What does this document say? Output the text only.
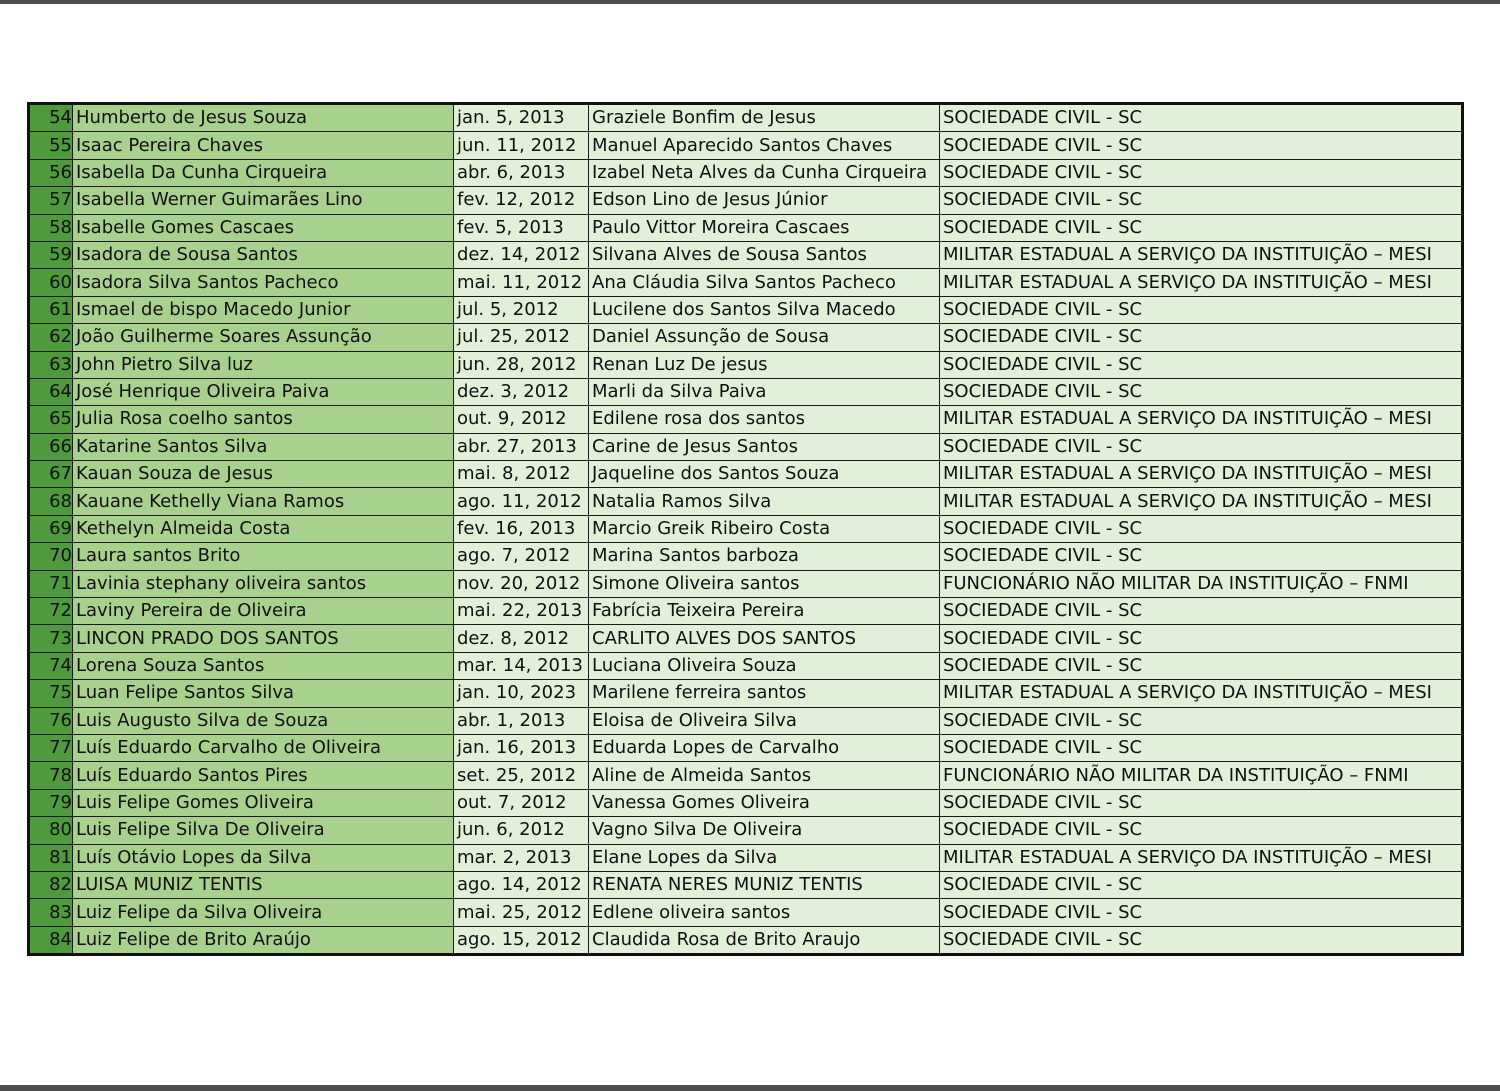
54	Humberto de Jesus Souza	jan. 5, 2013	Graziele Bonfim de Jesus	SOCIEDADE CIVIL - SC
55	Isaac Pereira Chaves	jun. 11, 2012	Manuel Aparecido Santos Chaves	SOCIEDADE CIVIL - SC
56	Isabella Da Cunha Cirqueira	abr. 6, 2013	Izabel Neta Alves da Cunha Cirqueira	SOCIEDADE CIVIL - SC
57	Isabella Werner Guimarães Lino	fev. 12, 2012	Edson Lino de Jesus Júnior	SOCIEDADE CIVIL - SC
58	Isabelle Gomes Cascaes	fev. 5, 2013	Paulo Vittor Moreira Cascaes	SOCIEDADE CIVIL - SC
59	Isadora de Sousa Santos	dez. 14, 2012	Silvana Alves de Sousa Santos	MILITAR ESTADUAL A SERVIÇO DA INSTITUIÇÃO – MESI
60	Isadora Silva Santos Pacheco	mai. 11, 2012	Ana Cláudia Silva Santos Pacheco	MILITAR ESTADUAL A SERVIÇO DA INSTITUIÇÃO – MESI
61	Ismael de bispo Macedo Junior	jul. 5, 2012	Lucilene dos Santos Silva Macedo	SOCIEDADE CIVIL - SC
62	João Guilherme Soares Assunção	jul. 25, 2012	Daniel Assunção de Sousa	SOCIEDADE CIVIL - SC
63	John Pietro Silva luz	jun. 28, 2012	Renan Luz De jesus	SOCIEDADE CIVIL - SC
64	José Henrique Oliveira Paiva	dez. 3, 2012	Marli da Silva Paiva	SOCIEDADE CIVIL - SC
65	Julia Rosa coelho santos	out. 9, 2012	Edilene rosa dos santos	MILITAR ESTADUAL A SERVIÇO DA INSTITUIÇÃO – MESI
66	Katarine Santos Silva	abr. 27, 2013	Carine de Jesus Santos	SOCIEDADE CIVIL - SC
67	Kauan Souza de Jesus	mai. 8, 2012	Jaqueline dos Santos Souza	MILITAR ESTADUAL A SERVIÇO DA INSTITUIÇÃO – MESI
68	Kauane Kethelly Viana Ramos	ago. 11, 2012	Natalia Ramos Silva	MILITAR ESTADUAL A SERVIÇO DA INSTITUIÇÃO – MESI
69	Kethelyn Almeida Costa	fev. 16, 2013	Marcio Greik Ribeiro Costa	SOCIEDADE CIVIL - SC
70	Laura santos Brito	ago. 7, 2012	Marina Santos barboza	SOCIEDADE CIVIL - SC
71	Lavinia stephany oliveira santos	nov. 20, 2012	Simone Oliveira santos	FUNCIONÁRIO NÃO MILITAR DA INSTITUIÇÃO – FNMI
72	Laviny Pereira de Oliveira	mai. 22, 2013	Fabrícia Teixeira Pereira	SOCIEDADE CIVIL - SC
73	LINCON PRADO DOS SANTOS	dez. 8, 2012	CARLITO ALVES DOS SANTOS	SOCIEDADE CIVIL - SC
74	Lorena Souza Santos	mar. 14, 2013	Luciana Oliveira Souza	SOCIEDADE CIVIL - SC
75	Luan Felipe Santos Silva	jan. 10, 2023	Marilene ferreira santos	MILITAR ESTADUAL A SERVIÇO DA INSTITUIÇÃO – MESI
76	Luis Augusto Silva de Souza	abr. 1, 2013	Eloisa de Oliveira Silva	SOCIEDADE CIVIL - SC
77	Luís Eduardo Carvalho de Oliveira	jan. 16, 2013	Eduarda Lopes de Carvalho	SOCIEDADE CIVIL - SC
78	Luís Eduardo Santos Pires	set. 25, 2012	Aline de Almeida Santos	FUNCIONÁRIO NÃO MILITAR DA INSTITUIÇÃO – FNMI
79	Luis Felipe Gomes Oliveira	out. 7, 2012	Vanessa Gomes Oliveira	SOCIEDADE CIVIL - SC
80	Luis Felipe Silva De Oliveira	jun. 6, 2012	Vagno Silva De Oliveira	SOCIEDADE CIVIL - SC
81	Luís Otávio Lopes da Silva	mar. 2, 2013	Elane Lopes da Silva	MILITAR ESTADUAL A SERVIÇO DA INSTITUIÇÃO – MESI
82	LUISA MUNIZ TENTIS	ago. 14, 2012	RENATA NERES MUNIZ TENTIS	SOCIEDADE CIVIL - SC
83	Luiz Felipe da Silva Oliveira	mai. 25, 2012	Edlene oliveira santos	SOCIEDADE CIVIL - SC
84	Luiz Felipe de Brito Araújo	ago. 15, 2012	Claudida Rosa de Brito Araujo	SOCIEDADE CIVIL - SC
